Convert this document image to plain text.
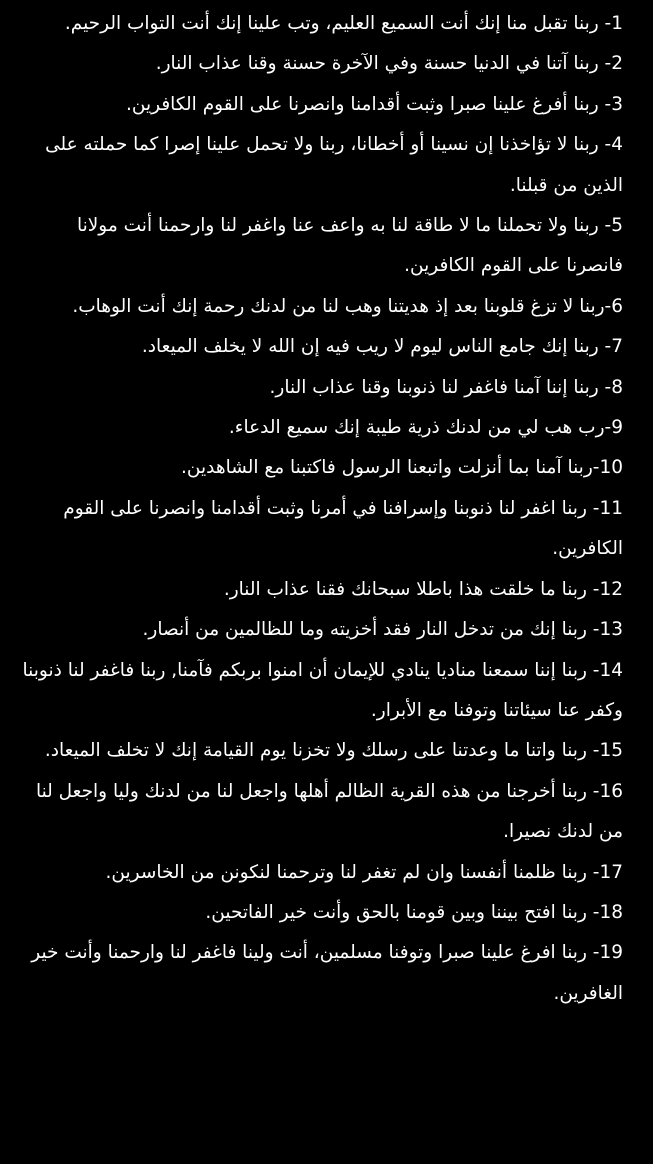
1- ربنا تقبل منا إنك أنت السميع العليم، وتب علينا إنك أنت التواب الرحيم.

2- ربنا آتنا في الدنيا حسنة وفي الآخرة حسنة وقنا عذاب النار.

3- ربنا أفرغ علينا صبرا وثبت أقدامنا وانصرنا على القوم الكافرين.

4- ربنا لا تؤاخذنا إن نسينا أو أخطانا، ربنا ولا تحمل علينا إصرا كما حملته على الذين من قبلنا.

5- ربنا ولا تحملنا ما لا طاقة لنا به واعف عنا واغفر لنا وارحمنا أنت مولانا فانصرنا على القوم الكافرين.

6-ربنا لا تزغ قلوبنا بعد إذ هديتنا وهب لنا من لدنك رحمة إنك أنت الوهاب.

7- ربنا إنك جامع الناس ليوم لا ريب فيه إن الله لا يخلف الميعاد.

8- ربنا إننا آمنا فاغفر لنا ذنوبنا وقنا عذاب النار.

9-رب هب لي من لدنك ذرية طيبة إنك سميع الدعاء.

10-ربنا آمنا بما أنزلت واتبعنا الرسول فاكتبنا مع الشاهدين.

11- ربنا اغفر لنا ذنوبنا وإسرافنا في أمرنا وثبت أقدامنا وانصرنا على القوم الكافرين.

12- ربنا ما خلقت هذا باطلا سبحانك فقنا عذاب النار.

13- ربنا إنك من تدخل النار فقد أخزيته وما للظالمين من أنصار.

14- ربنا إننا سمعنا مناديا ينادي للإيمان أن امنوا بربكم فآمنا, ربنا فاغفر لنا ذنوبنا وكفر عنا سيئاتنا وتوفنا مع الأبرار.

15- ربنا واتنا ما وعدتنا على رسلك ولا تخزنا يوم القيامة إنك لا تخلف الميعاد.

16- ربنا أخرجنا من هذه القرية الظالم أهلها واجعل لنا من لدنك وليا واجعل لنا من لدنك نصيرا.

17- ربنا ظلمنا أنفسنا وان لم تغفر لنا وترحمنا لنكونن من الخاسرين.

18- ربنا افتح بيننا وبين قومنا بالحق وأنت خير الفاتحين.

19- ربنا افرغ علينا صبرا وتوفنا مسلمين، أنت ولينا فاغفر لنا وارحمنا وأنت خير الغافرين.
